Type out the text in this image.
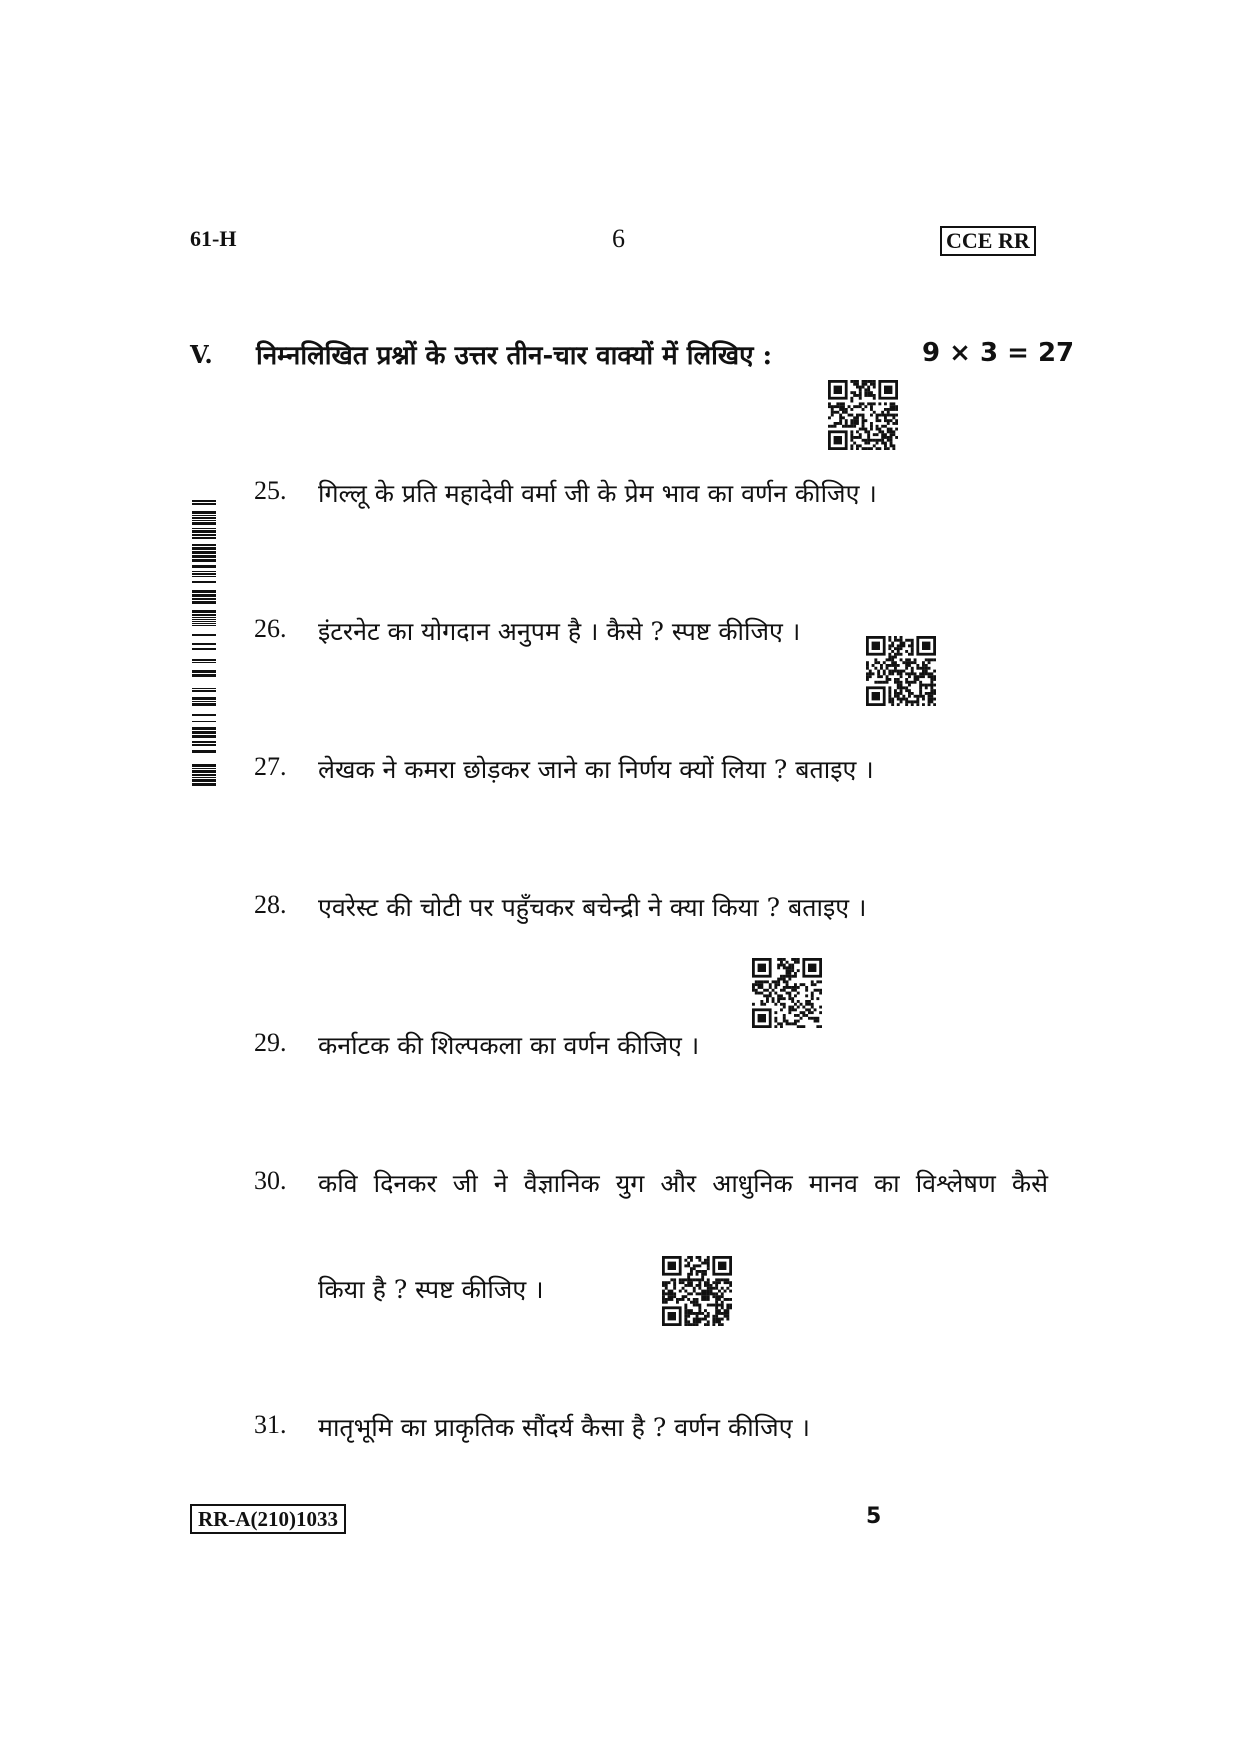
61-H	6	CCE RR
V. निम्नलिखित प्रश्नों के उत्तर तीन-चार वाक्यों में लिखिए :	9 × 3 = 27
25. गिल्लू के प्रति महादेवी वर्मा जी के प्रेम भाव का वर्णन कीजिए ।
26. इंटरनेट का योगदान अनुपम है । कैसे ? स्पष्ट कीजिए ।
27. लेखक ने कमरा छोड़कर जाने का निर्णय क्यों लिया ? बताइए ।
28. एवरेस्ट की चोटी पर पहुँचकर बचेन्द्री ने क्या किया ? बताइए ।
29. कर्नाटक की शिल्पकला का वर्णन कीजिए ।
30. कवि दिनकर जी ने वैज्ञानिक युग और आधुनिक मानव का विश्लेषण कैसे
किया है ? स्पष्ट कीजिए ।
31. मातृभूमि का प्राकृतिक सौंदर्य कैसा है ? वर्णन कीजिए ।
RR-A(210)1033	5
